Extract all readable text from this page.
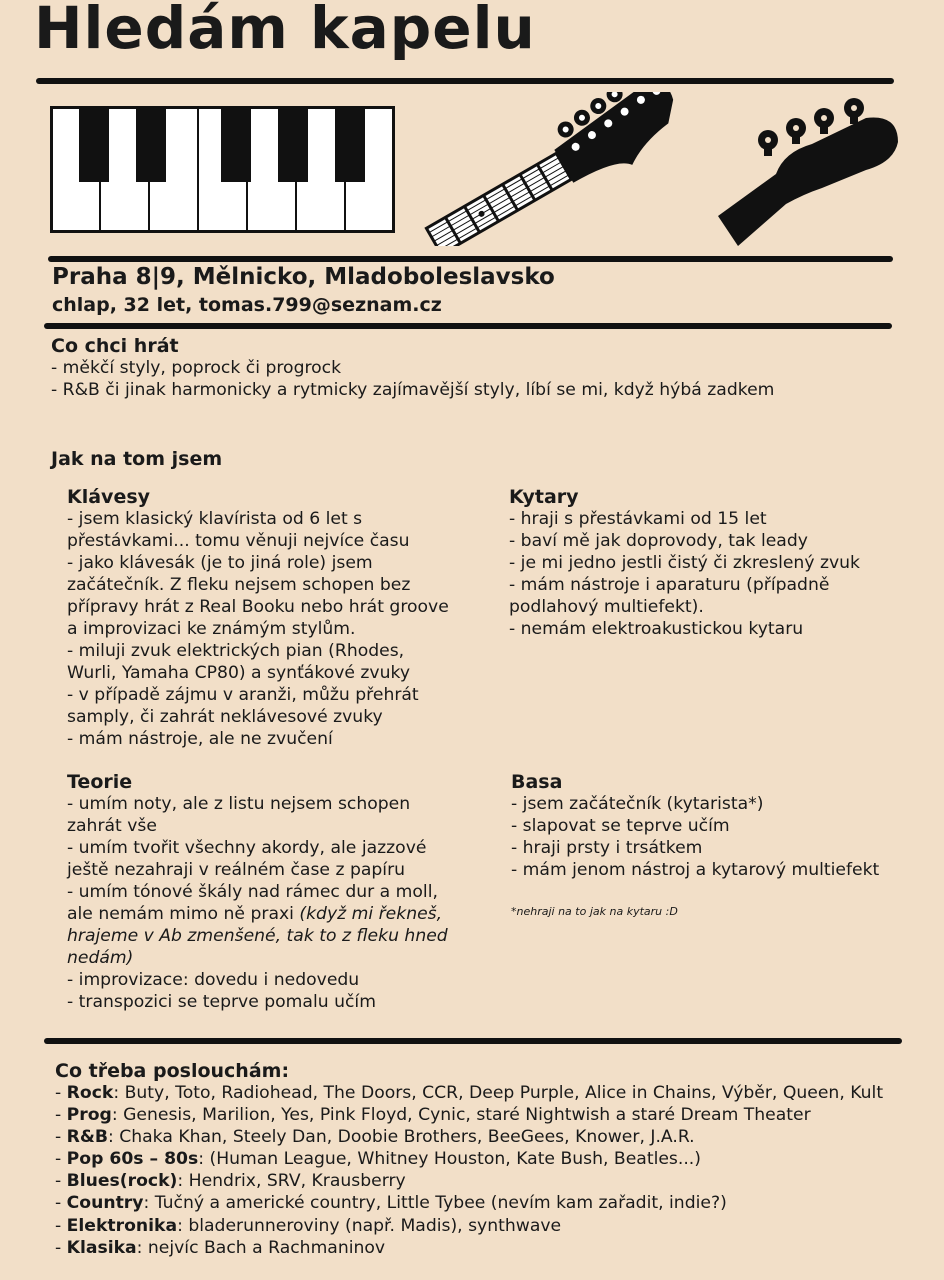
Hledám kapelu
Praha 8|9, Mělnicko, Mladoboleslavsko
chlap, 32 let, tomas.799@seznam.cz
Co chci hrát
- měkčí styly, poprock či progrock
- R&B či jinak harmonicky a rytmicky zajímavější styly, líbí se mi, když hýbá zadkem
Jak na tom jsem
Klávesy
- jsem klasický klavírista od 6 let s
přestávkami... tomu věnuji nejvíce času
- jako klávesák (je to jiná role) jsem
začátečník. Z fleku nejsem schopen bez
přípravy hrát z Real Booku nebo hrát groove
a improvizaci ke známým stylům.
- miluji zvuk elektrických pian (Rhodes,
Wurli, Yamaha CP80) a synťákové zvuky
- v případě zájmu v aranži, můžu přehrát
samply, či zahrát neklávesové zvuky
- mám nástroje, ale ne zvučení
Kytary
- hraji s přestávkami od 15 let
- baví mě jak doprovody, tak leady
- je mi jedno jestli čistý či zkreslený zvuk
- mám nástroje i aparaturu (případně
podlahový multiefekt).
- nemám elektroakustickou kytaru
Teorie
- umím noty, ale z listu nejsem schopen
zahrát vše
- umím tvořit všechny akordy, ale jazzové
ještě nezahraji v reálném čase z papíru
- umím tónové škály nad rámec dur a moll,
ale nemám mimo ně praxi (když mi řekneš,
hrajeme v Ab zmenšené, tak to z fleku hned
nedám)
- improvizace: dovedu i nedovedu
- transpozici se teprve pomalu učím
Basa
- jsem začátečník (kytarista*)
- slapovat se teprve učím
- hraji prsty i trsátkem
- mám jenom nástroj a kytarový multiefekt
*nehraji na to jak na kytaru :D
Co třeba poslouchám:
- Rock: Buty, Toto, Radiohead, The Doors, CCR, Deep Purple, Alice in Chains, Výběr, Queen, Kult
- Prog: Genesis, Marilion, Yes, Pink Floyd, Cynic, staré Nightwish a staré Dream Theater
- R&B: Chaka Khan, Steely Dan, Doobie Brothers, BeeGees, Knower, J.A.R.
- Pop 60s – 80s: (Human League, Whitney Houston, Kate Bush, Beatles...)
- Blues(rock): Hendrix, SRV, Krausberry
- Country: Tučný a americké country, Little Tybee (nevím kam zařadit, indie?)
- Elektronika: bladerunneroviny (např. Madis), synthwave
- Klasika: nejvíc Bach a Rachmaninov
